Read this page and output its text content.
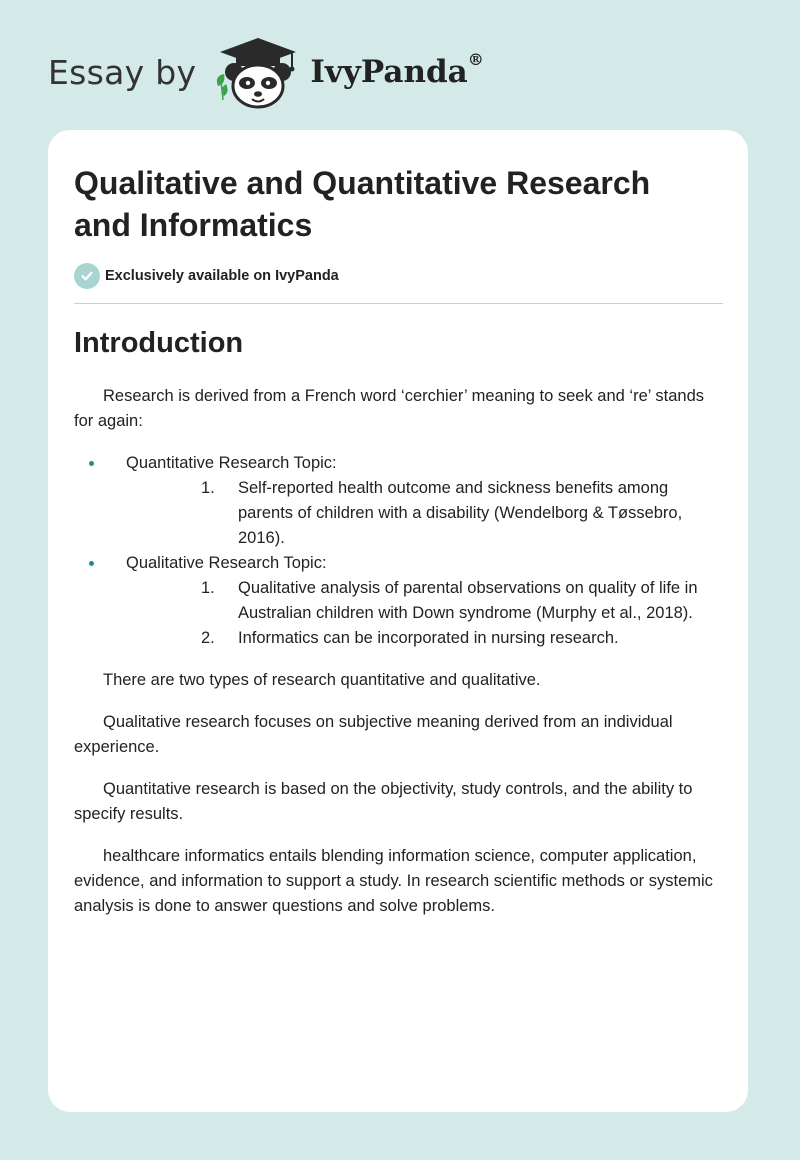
Essay by	IvyPanda®
Qualitative and Quantitative Research and Informatics
Exclusively available on IvyPanda
Introduction

Research is derived from a French word ‘cerchier’ meaning to seek and ‘re’ stands for again:

Quantitative Research Topic:
1. Self-reported health outcome and sickness benefits among parents of children with a disability (Wendelborg & Tøssebro, 2016).
Qualitative Research Topic:
1. Qualitative analysis of parental observations on quality of life in Australian children with Down syndrome (Murphy et al., 2018).
2. Informatics can be incorporated in nursing research.

There are two types of research quantitative and qualitative.

Qualitative research focuses on subjective meaning derived from an individual experience.

Quantitative research is based on the objectivity, study controls, and the ability to specify results.

healthcare informatics entails blending information science, computer application, evidence, and information to support a study. In research scientific methods or systemic analysis is done to answer questions and solve problems.
